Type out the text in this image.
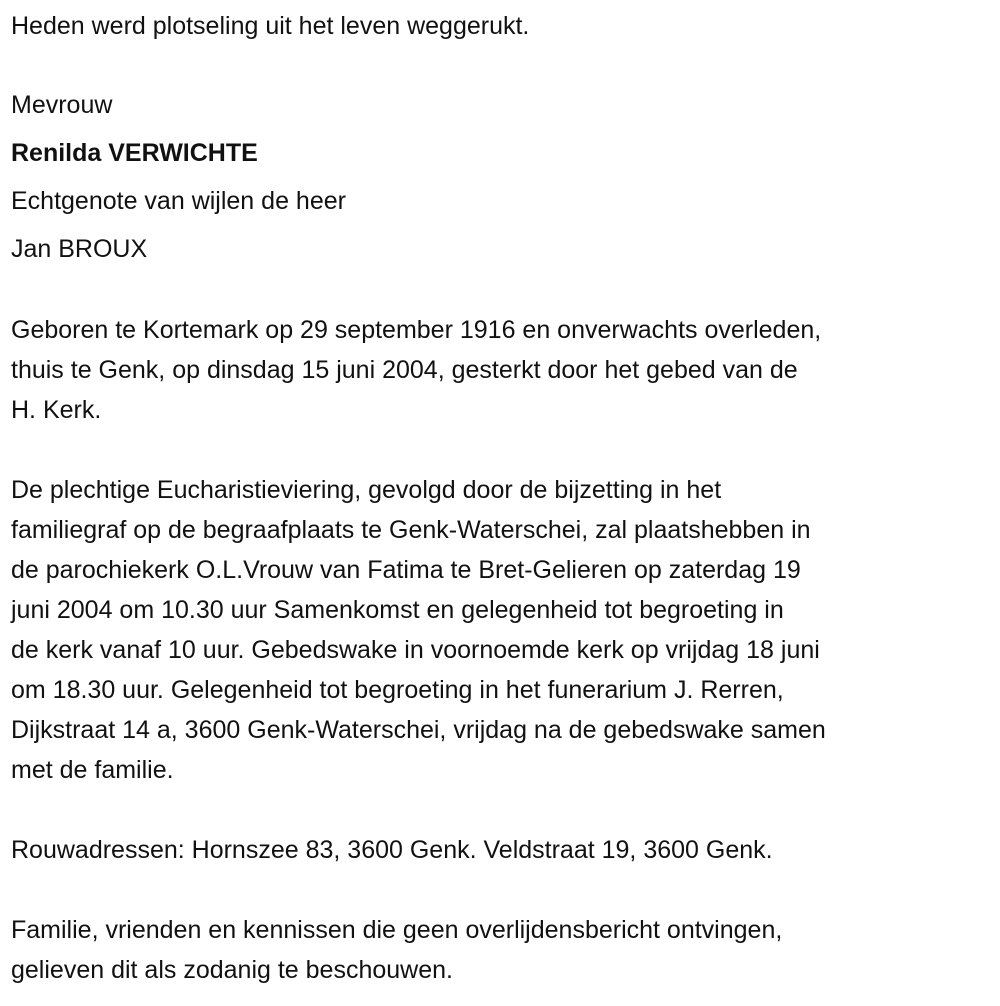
Heden werd plotseling uit het leven weggerukt.
Mevrouw
Renilda VERWICHTE
Echtgenote van wijlen de heer
Jan BROUX
Geboren te Kortemark op 29 september 1916 en onverwachts overleden,
thuis te Genk, op dinsdag 15 juni 2004, gesterkt door het gebed van de
H. Kerk.
De plechtige Eucharistieviering, gevolgd door de bijzetting in het
familiegraf op de begraafplaats te Genk-Waterschei, zal plaatshebben in
de parochiekerk O.L.Vrouw van Fatima te Bret-Gelieren op zaterdag 19
juni 2004 om 10.30 uur Samenkomst en gelegenheid tot begroeting in
de kerk vanaf 10 uur. Gebedswake in voornoemde kerk op vrijdag 18 juni
om 18.30 uur. Gelegenheid tot begroeting in het funerarium J. Rerren,
Dijkstraat 14 a, 3600 Genk-Waterschei, vrijdag na de gebedswake samen
met de familie.
Rouwadressen: Hornszee 83, 3600 Genk. Veldstraat 19, 3600 Genk.
Familie, vrienden en kennissen die geen overlijdensbericht ontvingen,
gelieven dit als zodanig te beschouwen.
